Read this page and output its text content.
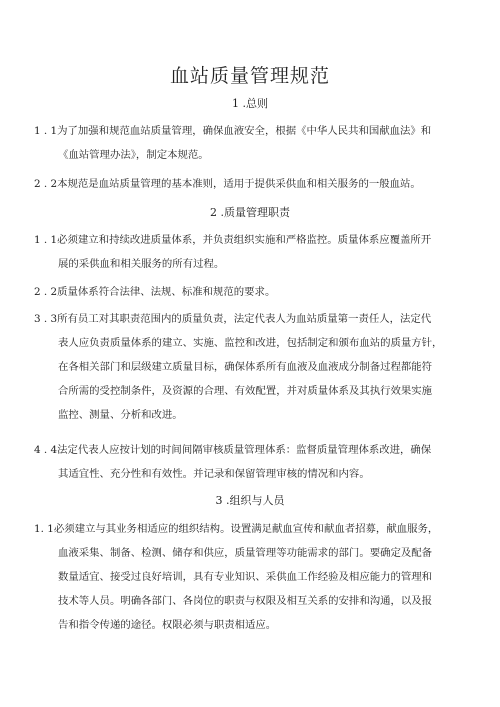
血站质量管理规范
1 .总则
1 . 1为了加强和规范血站质量管理，确保血液安全，根据《中华人民共和国献血法》和
《血站管理办法》，制定本规范。
2 . 2本规范是血站质量管理的基本准则，适用于提供采供血和相关服务的一般血站。
2 .质量管理职责
1 . 1必须建立和持续改进质量体系，并负责组织实施和严格监控。质量体系应覆盖所开
展的采供血和相关服务的所有过程。
2 . 2质量体系符合法律、法规、标准和规范的要求。
3 . 3所有员工对其职责范围内的质量负责，法定代表人为血站质量第一责任人，法定代
表人应负责质量体系的建立、实施、监控和改进，包括制定和颁布血站的质量方针，
在各相关部门和层级建立质量目标，确保体系所有血液及血液成分制备过程都能符
合所需的受控制条件，及资源的合理、有效配置，并对质量体系及其执行效果实施
监控、测量、分析和改进。
4 . 4法定代表人应按计划的时间间隔审核质量管理体系：监督质量管理体系改进，确保
其适宜性、充分性和有效性。并记录和保留管理审核的情况和内容。
3 .组织与人员
1. 1必须建立与其业务相适应的组织结构。设置满足献血宣传和献血者招募，献血服务，
血液采集、制备、检测、储存和供应，质量管理等功能需求的部门。要确定及配备
数量适宜、接受过良好培训，具有专业知识、采供血工作经验及相应能力的管理和
技术等人员。明确各部门、各岗位的职责与权限及相互关系的安排和沟通，以及报
告和指令传递的途径。权限必须与职责相适应。
